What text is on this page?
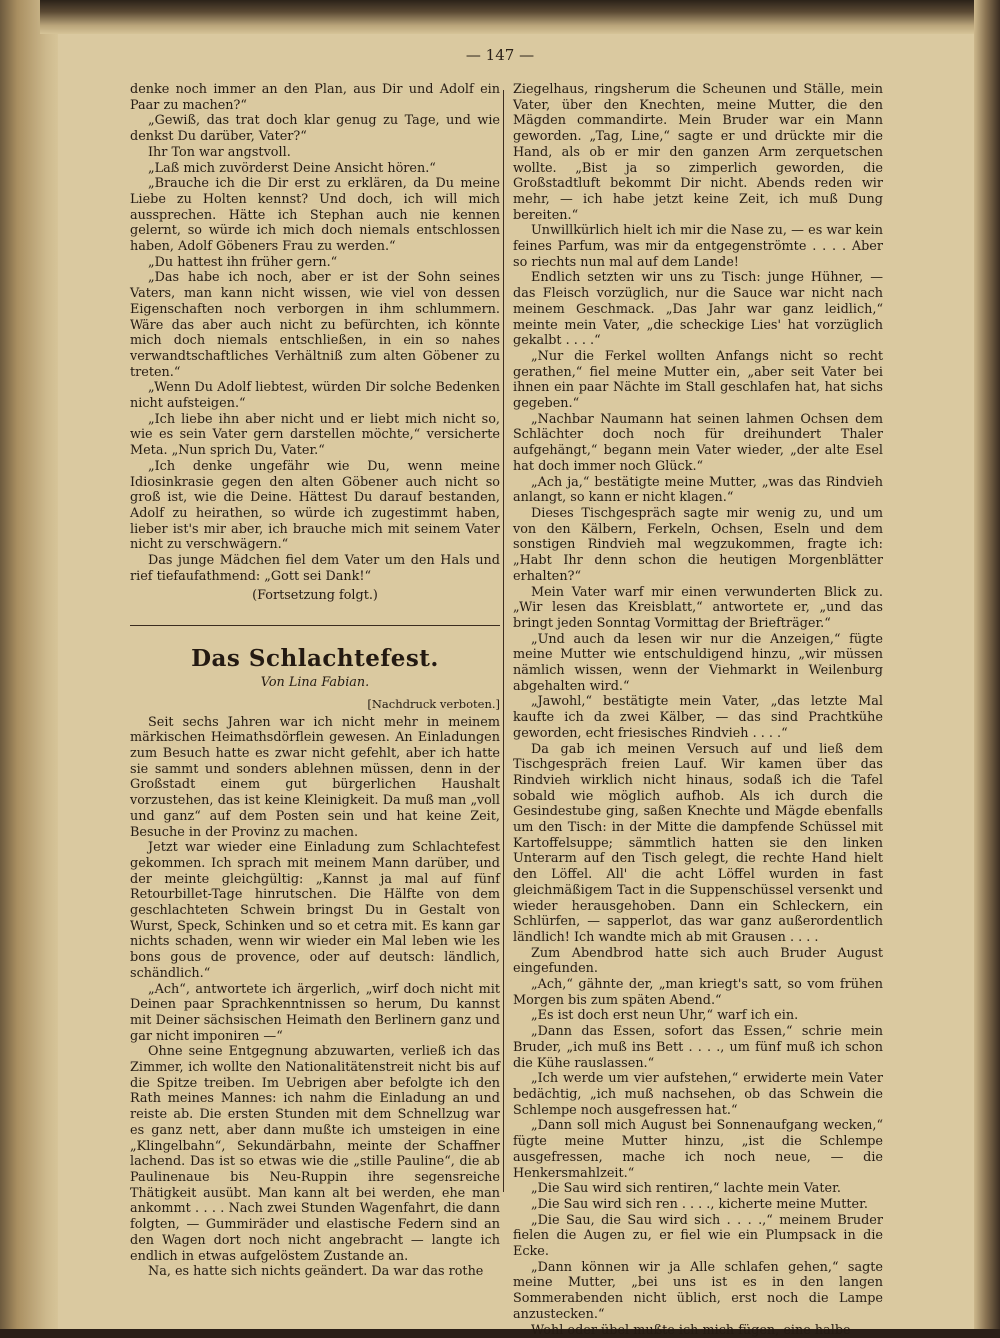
— 147 —

denke noch immer an den Plan, aus Dir und Adolf ein Paar zu machen?“

„Gewiß, das trat doch klar genug zu Tage, und wie denkst Du darüber, Vater?“

Ihr Ton war angstvoll.

„Laß mich zuvörderst Deine Ansicht hören.“

„Brauche ich die Dir erst zu erklären, da Du meine Liebe zu Holten kennst? Und doch, ich will mich aussprechen. Hätte ich Stephan auch nie kennen gelernt, so würde ich mich doch niemals entschlossen haben, Adolf Göbeners Frau zu werden.“

„Du hattest ihn früher gern.“

„Das habe ich noch, aber er ist der Sohn seines Vaters, man kann nicht wissen, wie viel von dessen Eigenschaften noch verborgen in ihm schlummern. Wäre das aber auch nicht zu befürchten, ich könnte mich doch niemals entschließen, in ein so nahes verwandtschaftliches Verhältniß zum alten Göbener zu treten.“

„Wenn Du Adolf liebtest, würden Dir solche Bedenken nicht aufsteigen.“

„Ich liebe ihn aber nicht und er liebt mich nicht so, wie es sein Vater gern darstellen möchte,“ versicherte Meta. „Nun sprich Du, Vater.“

„Ich denke ungefähr wie Du, wenn meine Idiosinkrasie gegen den alten Göbener auch nicht so groß ist, wie die Deine. Hättest Du darauf bestanden, Adolf zu heirathen, so würde ich zugestimmt haben, lieber ist's mir aber, ich brauche mich mit seinem Vater nicht zu verschwägern.“

Das junge Mädchen fiel dem Vater um den Hals und rief tiefaufathmend: „Gott sei Dank!“

(Fortsetzung folgt.)

Das Schlachtefest.
Von Lina Fabian.
[Nachdruck verboten.]

Seit sechs Jahren war ich nicht mehr in meinem märkischen Heimathsdörflein gewesen. An Einladungen zum Besuch hatte es zwar nicht gefehlt, aber ich hatte sie sammt und sonders ablehnen müssen, denn in der Großstadt einem gut bürgerlichen Haushalt vorzustehen, das ist keine Kleinigkeit. Da muß man „voll und ganz“ auf dem Posten sein und hat keine Zeit, Besuche in der Provinz zu machen.

Jetzt war wieder eine Einladung zum Schlachtefest gekommen. Ich sprach mit meinem Mann darüber, und der meinte gleichgültig: „Kannst ja mal auf fünf Retourbillet-Tage hinrutschen. Die Hälfte von dem geschlachteten Schwein bringst Du in Gestalt von Wurst, Speck, Schinken und so et cetra mit. Es kann gar nichts schaden, wenn wir wieder ein Mal leben wie les bons gous de provence, oder auf deutsch: ländlich, schändlich.“

„Ach“, antwortete ich ärgerlich, „wirf doch nicht mit Deinen paar Sprachkenntnissen so herum, Du kannst mit Deiner sächsischen Heimath den Berlinern ganz und gar nicht imponiren —“

Ohne seine Entgegnung abzuwarten, verließ ich das Zimmer, ich wollte den Nationalitätenstreit nicht bis auf die Spitze treiben. Im Uebrigen aber befolgte ich den Rath meines Mannes: ich nahm die Einladung an und reiste ab. Die ersten Stunden mit dem Schnellzug war es ganz nett, aber dann mußte ich umsteigen in eine „Klingelbahn“, Sekundärbahn, meinte der Schaffner lachend. Das ist so etwas wie die „stille Pauline“, die ab Paulinenaue bis Neu-Ruppin ihre segensreiche Thätigkeit ausübt. Man kann alt bei werden, ehe man ankommt . . . . Nach zwei Stunden Wagenfahrt, die dann folgten, — Gummiräder und elastische Federn sind an den Wagen dort noch nicht angebracht — langte ich endlich in etwas aufgelöstem Zustande an.

Na, es hatte sich nichts geändert. Da war das rothe

Ziegelhaus, ringsherum die Scheunen und Ställe, mein Vater, über den Knechten, meine Mutter, die den Mägden commandirte. Mein Bruder war ein Mann geworden. „Tag, Line,“ sagte er und drückte mir die Hand, als ob er mir den ganzen Arm zerquetschen wollte. „Bist ja so zimperlich geworden, die Großstadtluft bekommt Dir nicht. Abends reden wir mehr, — ich habe jetzt keine Zeit, ich muß Dung bereiten.“

Unwillkürlich hielt ich mir die Nase zu, — es war kein feines Parfum, was mir da entgegenströmte . . . . Aber so riechts nun mal auf dem Lande!

Endlich setzten wir uns zu Tisch: junge Hühner, — das Fleisch vorzüglich, nur die Sauce war nicht nach meinem Geschmack. „Das Jahr war ganz leidlich,“ meinte mein Vater, „die scheckige Lies' hat vorzüglich gekalbt . . . .“

„Nur die Ferkel wollten Anfangs nicht so recht gerathen,“ fiel meine Mutter ein, „aber seit Vater bei ihnen ein paar Nächte im Stall geschlafen hat, hat sichs gegeben.“

„Nachbar Naumann hat seinen lahmen Ochsen dem Schlächter doch noch für dreihundert Thaler aufgehängt,“ begann mein Vater wieder, „der alte Esel hat doch immer noch Glück.“

„Ach ja,“ bestätigte meine Mutter, „was das Rindvieh anlangt, so kann er nicht klagen.“

Dieses Tischgespräch sagte mir wenig zu, und um von den Kälbern, Ferkeln, Ochsen, Eseln und dem sonstigen Rindvieh mal wegzukommen, fragte ich: „Habt Ihr denn schon die heutigen Morgenblätter erhalten?“

Mein Vater warf mir einen verwunderten Blick zu. „Wir lesen das Kreisblatt,“ antwortete er, „und das bringt jeden Sonntag Vormittag der Briefträger.“

„Und auch da lesen wir nur die Anzeigen,“ fügte meine Mutter wie entschuldigend hinzu, „wir müssen nämlich wissen, wenn der Viehmarkt in Weilenburg abgehalten wird.“

„Jawohl,“ bestätigte mein Vater, „das letzte Mal kaufte ich da zwei Kälber, — das sind Prachtkühe geworden, echt friesisches Rindvieh . . . .“

Da gab ich meinen Versuch auf und ließ dem Tischgespräch freien Lauf. Wir kamen über das Rindvieh wirklich nicht hinaus, sodaß ich die Tafel sobald wie möglich aufhob. Als ich durch die Gesindestube ging, saßen Knechte und Mägde ebenfalls um den Tisch: in der Mitte die dampfende Schüssel mit Kartoffelsuppe; sämmtlich hatten sie den linken Unterarm auf den Tisch gelegt, die rechte Hand hielt den Löffel. All' die acht Löffel wurden in fast gleichmäßigem Tact in die Suppenschüssel versenkt und wieder herausgehoben. Dann ein Schleckern, ein Schlürfen, — sapperlot, das war ganz außerordentlich ländlich! Ich wandte mich ab mit Grausen . . . .

Zum Abendbrod hatte sich auch Bruder August eingefunden.

„Ach,“ gähnte der, „man kriegt's satt, so vom frühen Morgen bis zum späten Abend.“

„Es ist doch erst neun Uhr,“ warf ich ein.

„Dann das Essen, sofort das Essen,“ schrie mein Bruder, „ich muß ins Bett . . . ., um fünf muß ich schon die Kühe rauslassen.“

„Ich werde um vier aufstehen,“ erwiderte mein Vater bedächtig, „ich muß nachsehen, ob das Schwein die Schlempe noch ausgefressen hat.“

„Dann soll mich August bei Sonnenaufgang wecken,“ fügte meine Mutter hinzu, „ist die Schlempe ausgefressen, mache ich noch neue, — die Henkersmahlzeit.“

„Die Sau wird sich rentiren,“ lachte mein Vater.

„Die Sau wird sich ren . . . ., kicherte meine Mutter.

„Die Sau, die Sau wird sich . . . .,“ meinem Bruder fielen die Augen zu, er fiel wie ein Plumpsack in die Ecke.

„Dann können wir ja Alle schlafen gehen,“ sagte meine Mutter, „bei uns ist es in den langen Sommerabenden nicht üblich, erst noch die Lampe anzustecken.“

Wohl oder übel mußte ich mich fügen, eine halbe
